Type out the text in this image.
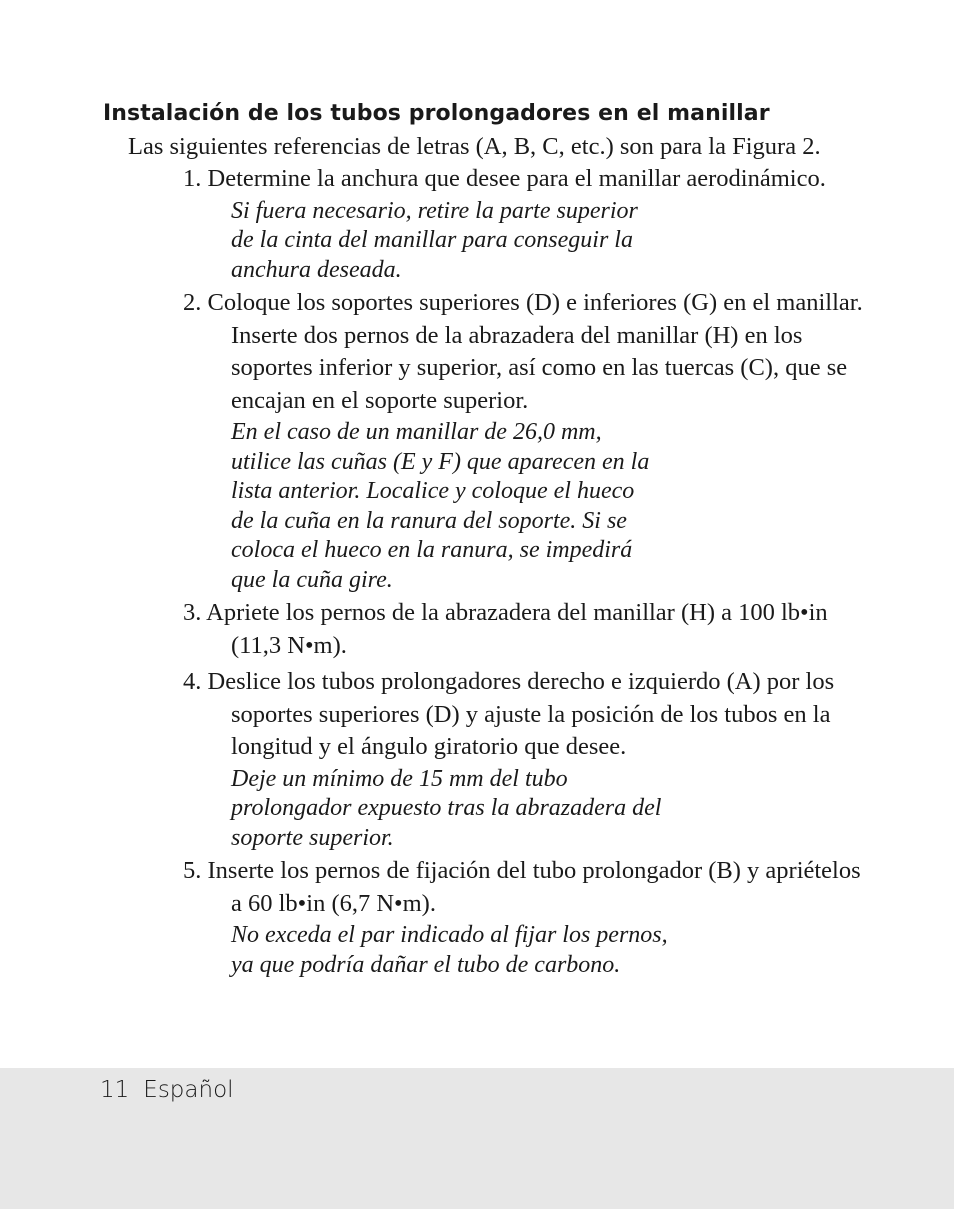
Instalación de los tubos prolongadores en el manillar

Las siguientes referencias de letras (A, B, C, etc.) son para la Figura 2.

1. Determine la anchura que desee para el manillar aerodinámico.
Si fuera necesario, retire la parte superior
de la cinta del manillar para conseguir la
anchura deseada.
2. Coloque los soportes superiores (D) e inferiores (G) en el manillar. Inserte dos pernos de la abrazadera del manillar (H) en los soportes inferior y superior, así como en las tuercas (C), que se encajan en el soporte superior.
En el caso de un manillar de 26,0 mm,
utilice las cuñas (E y F) que aparecen en la
lista anterior. Localice y coloque el hueco
de la cuña en la ranura del soporte. Si se
coloca el hueco en la ranura, se impedirá
que la cuña gire.
3. Apriete los pernos de la abrazadera del manillar (H) a 100 lb•in (11,3 N•m).
4. Deslice los tubos prolongadores derecho e izquierdo (A) por los soportes superiores (D) y ajuste la posición de los tubos en la longitud y el ángulo giratorio que desee.
Deje un mínimo de 15 mm del tubo
prolongador expuesto tras la abrazadera del
soporte superior.
5. Inserte los pernos de fijación del tubo prolongador (B) y apriételos a 60 lb•in (6,7 N•m).
No exceda el par indicado al fijar los pernos,
ya que podría dañar el tubo de carbono.
11 Español
